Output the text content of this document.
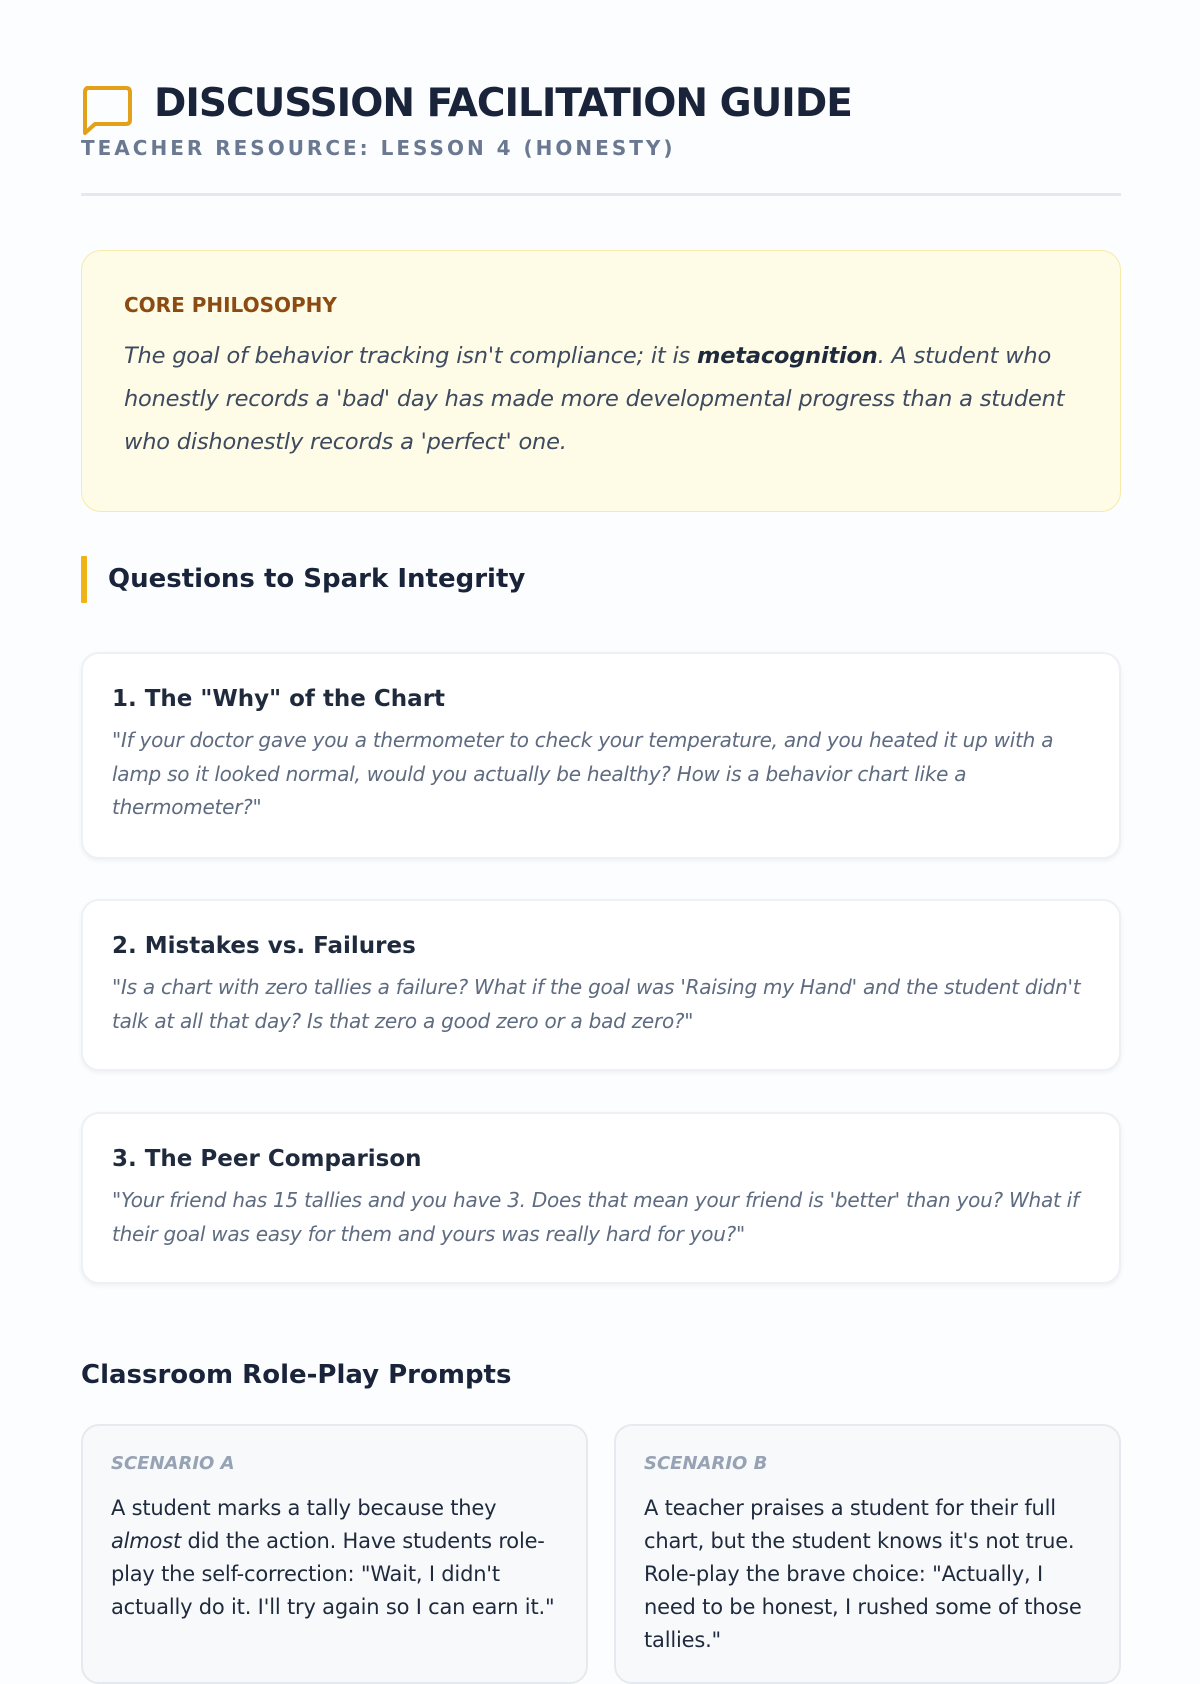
DISCUSSION FACILITATION GUIDE
TEACHER RESOURCE: LESSON 4 (HONESTY)
CORE PHILOSOPHY

The goal of behavior tracking isn't compliance; it is metacognition. A student who honestly records a 'bad' day has made more developmental progress than a student who dishonestly records a 'perfect' one.

Questions to Spark Integrity
1. The "Why" of the Chart

"If your doctor gave you a thermometer to check your temperature, and you heated it up with a lamp so it looked normal, would you actually be healthy? How is a behavior chart like a thermometer?"

2. Mistakes vs. Failures

"Is a chart with zero tallies a failure? What if the goal was 'Raising my Hand' and the student didn't talk at all that day? Is that zero a good zero or a bad zero?"

3. The Peer Comparison

"Your friend has 15 tallies and you have 3. Does that mean your friend is 'better' than you? What if their goal was easy for them and yours was really hard for you?"

Classroom Role-Play Prompts
SCENARIO A

A student marks a tally because they almost did the action. Have students role-play the self-correction: "Wait, I didn't actually do it. I'll try again so I can earn it."

SCENARIO B

A teacher praises a student for their full chart, but the student knows it's not true. Role-play the brave choice: "Actually, I need to be honest, I rushed some of those tallies."
